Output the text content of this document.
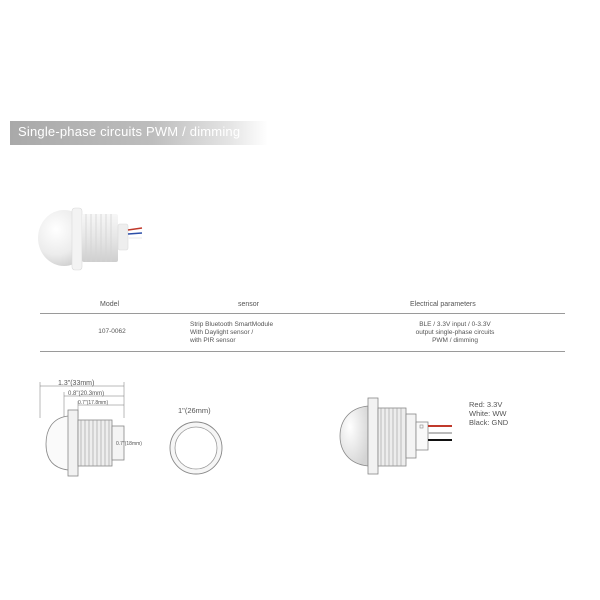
Single-phase circuits PWM / dimming
Model	sensor	Electrical parameters
107-0062
Strip Bluetooth SmartModule
With Daylight sensor /
with PIR sensor
BLE / 3.3V input / 0-3.3V
output single-phase circuits
PWM / dimming
1.3"(33mm)
0.8"(20.3mm)
0.7"(17.8mm)
0.7"(18mm)
1"(26mm)
Red: 3.3V
White: WW
Black: GND
